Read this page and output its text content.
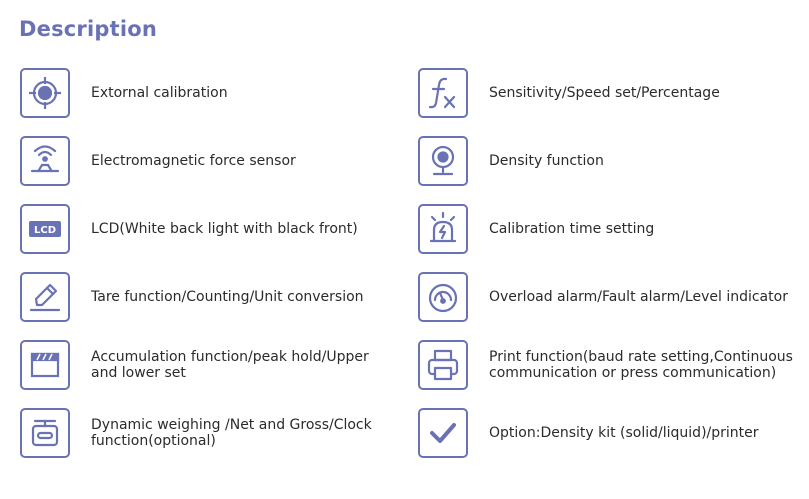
Description
Extornal calibration
Electromagnetic force sensor
LCD LCD(White back light with black front)
Tare function/Counting/Unit conversion
Accumulation function/peak hold/Upper and lower set
Dynamic weighing /Net and Gross/Clock function(optional)
Sensitivity/Speed set/Percentage
Density function
Calibration time setting
Overload alarm/Fault alarm/Level indicator
Print function(baud rate setting,Continuous communication or press communication)
Option:Density kit (solid/liquid)/printer
